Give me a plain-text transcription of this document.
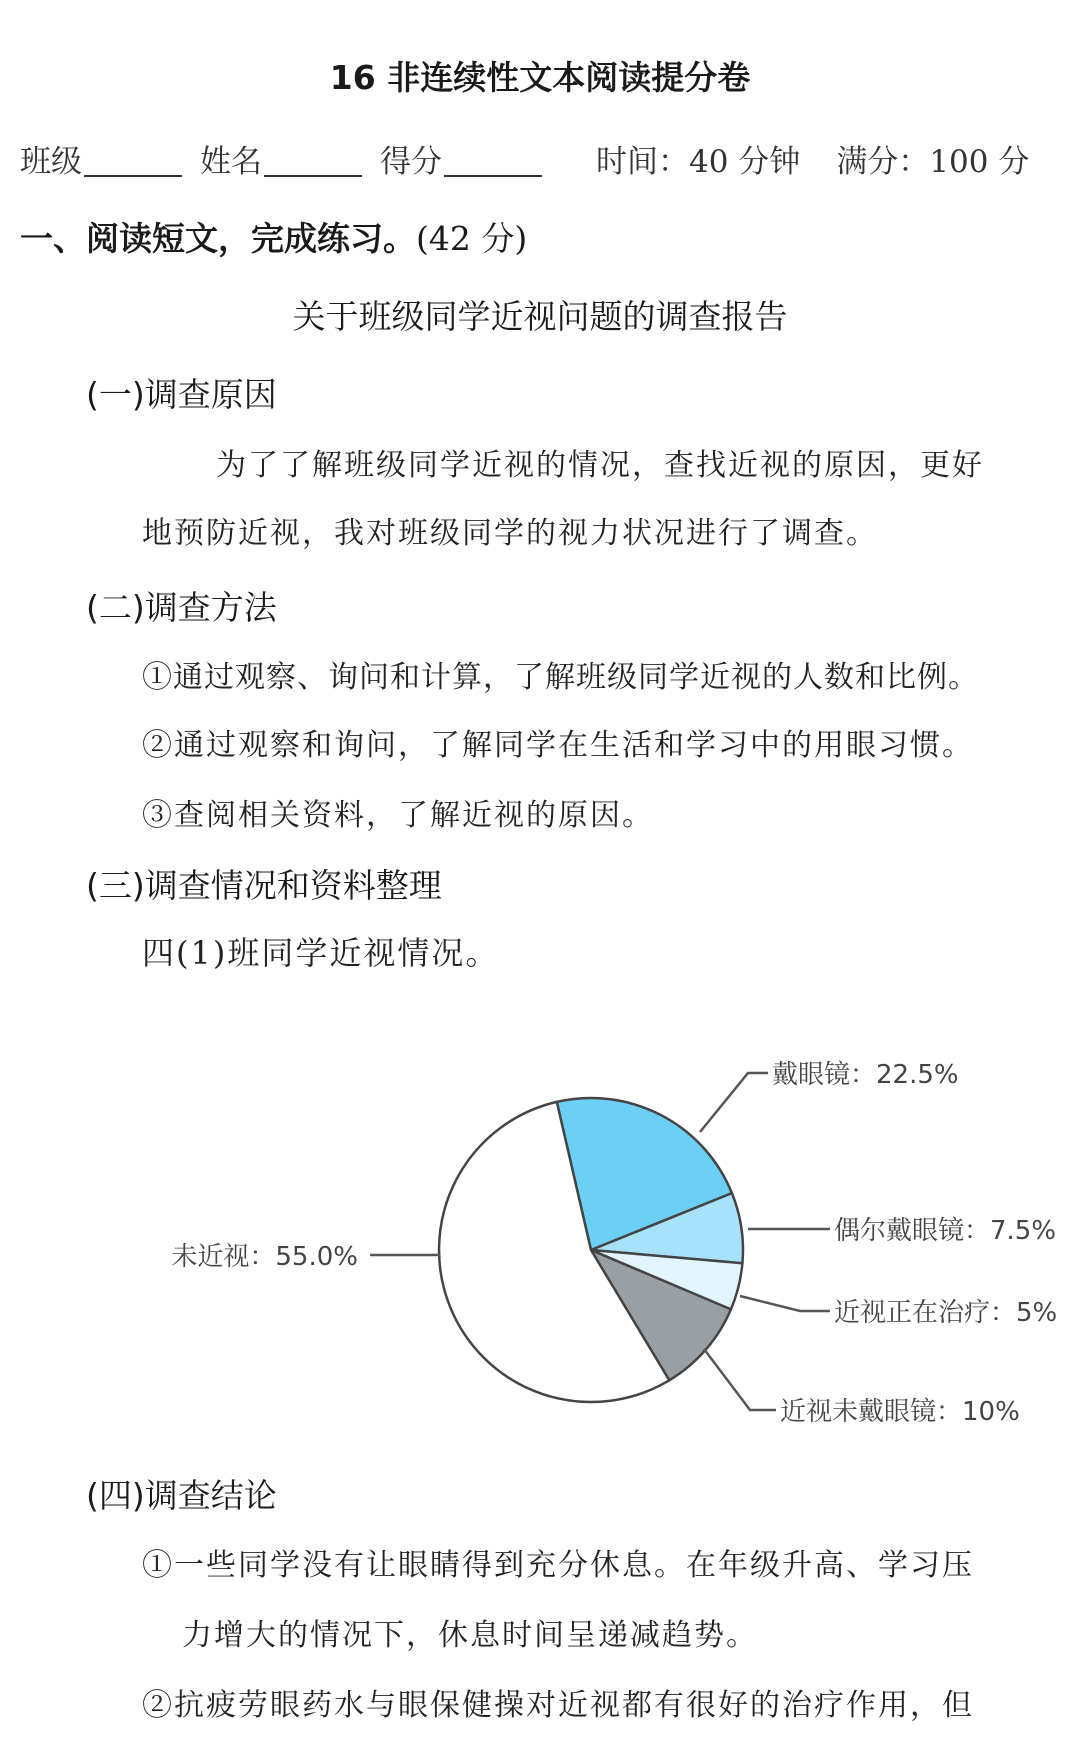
16 非连续性文本阅读提分卷
班级	姓名	得分	时间：40 分钟 满分：100 分
一、阅读短文，完成练习。(42 分)
关于班级同学近视问题的调查报告
(一)调查原因
为了了解班级同学近视的情况，查找近视的原因，更好
地预防近视，我对班级同学的视力状况进行了调查。
(二)调查方法
①通过观察、询问和计算，了解班级同学近视的人数和比例。
②通过观察和询问，了解同学在生活和学习中的用眼习惯。
③查阅相关资料，了解近视的原因。
(三)调查情况和资料整理
四(1)班同学近视情况。
戴眼镜：22.5%
偶尔戴眼镜：7.5%
近视正在治疗：5%
近视未戴眼镜：10%
未近视：55.0%
(四)调查结论
①一些同学没有让眼睛得到充分休息。在年级升高、学习压
力增大的情况下，休息时间呈递减趋势。
②抗疲劳眼药水与眼保健操对近视都有很好的治疗作用，但
